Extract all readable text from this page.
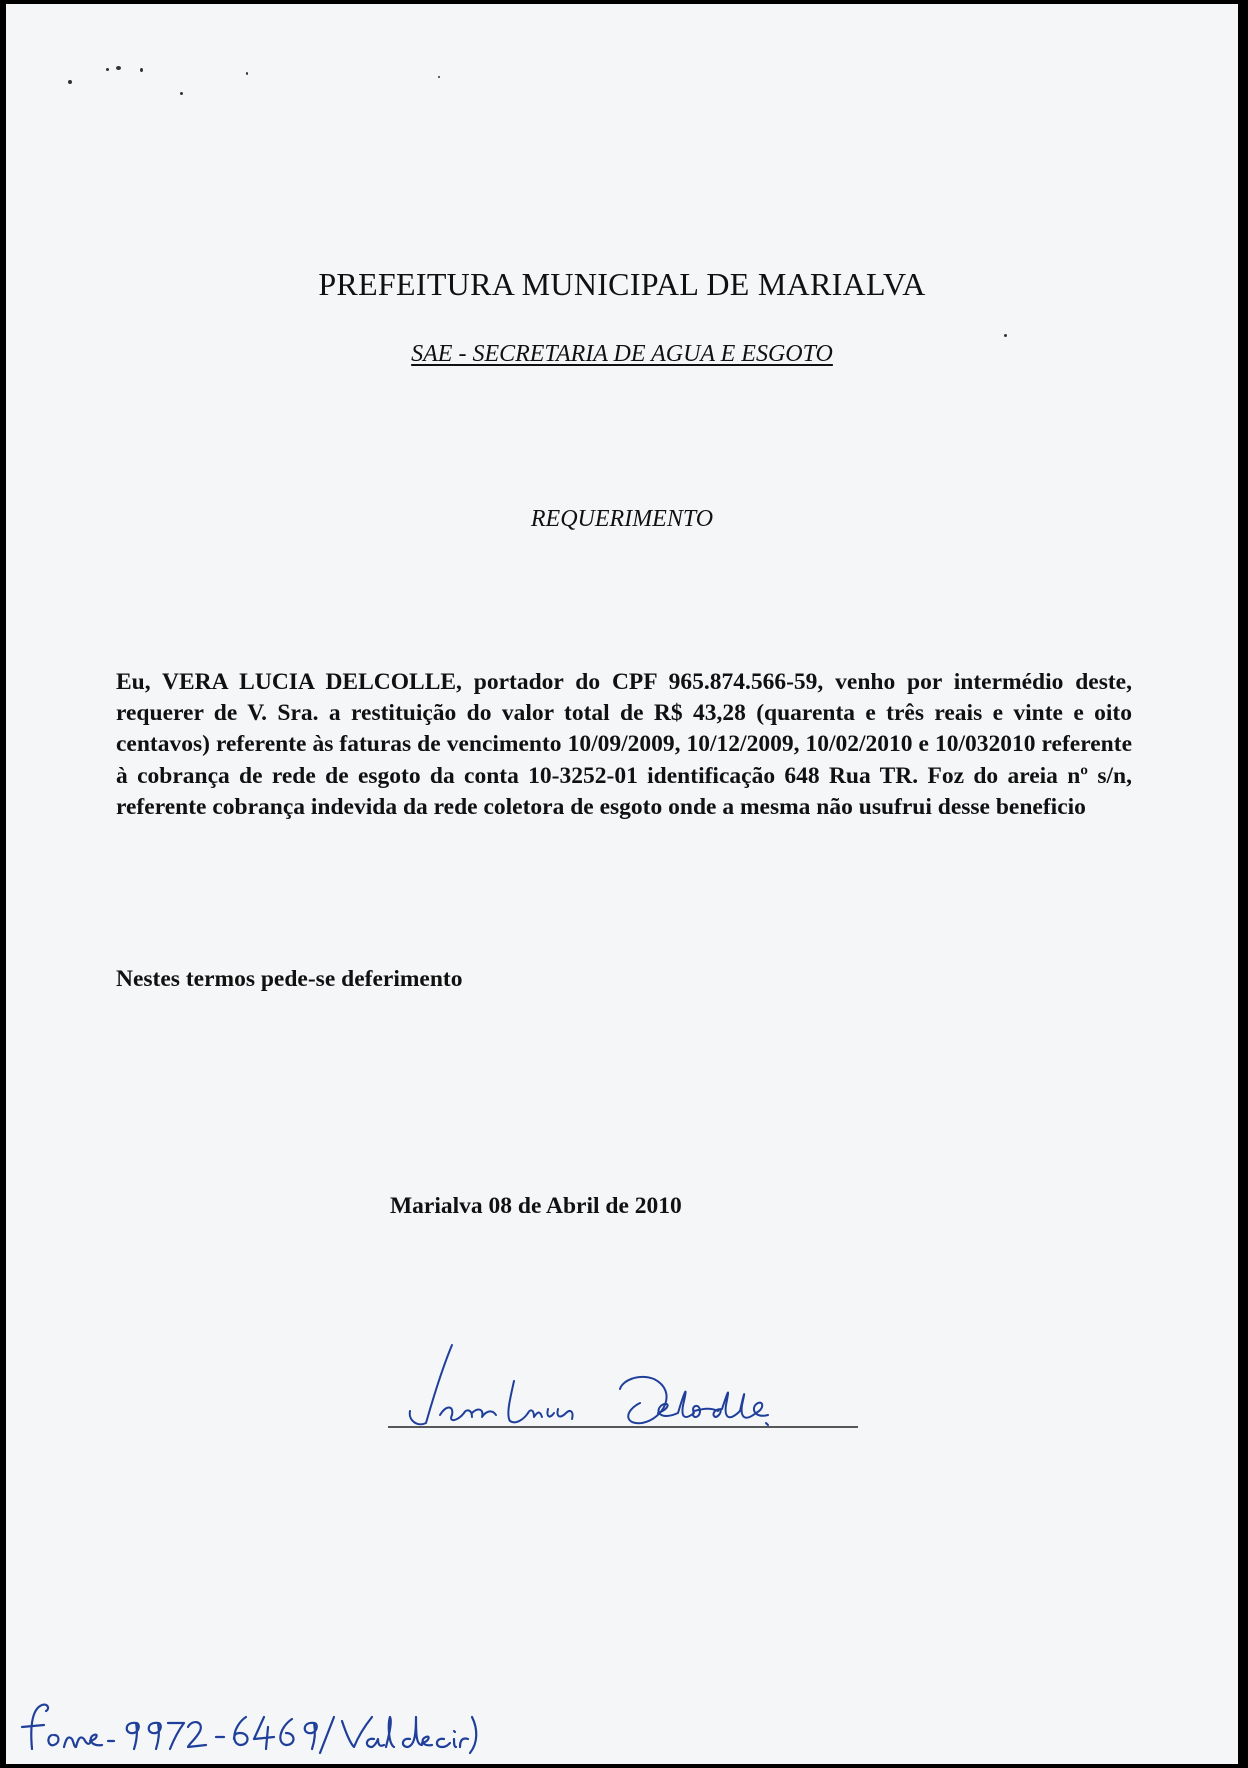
PREFEITURA MUNICIPAL DE MARIALVA
SAE - SECRETARIA DE AGUA E ESGOTO
REQUERIMENTO

Eu, VERA LUCIA DELCOLLE, portador do CPF 965.874.566-59, venho por intermédio deste, requerer de V. Sra. a restituição do valor total de R$ 43,28 (quarenta e três reais e vinte e oito centavos) referente às faturas de vencimento 10/09/2009, 10/12/2009, 10/02/2010 e 10/032010 referente à cobrança de rede de esgoto da conta 10-3252-01 identificação 648 Rua TR. Foz do areia nº s/n, referente cobrança indevida da rede coletora de esgoto onde a mesma não usufrui desse beneficio

Nestes termos pede-se deferimento
Marialva 08 de Abril de 2010
